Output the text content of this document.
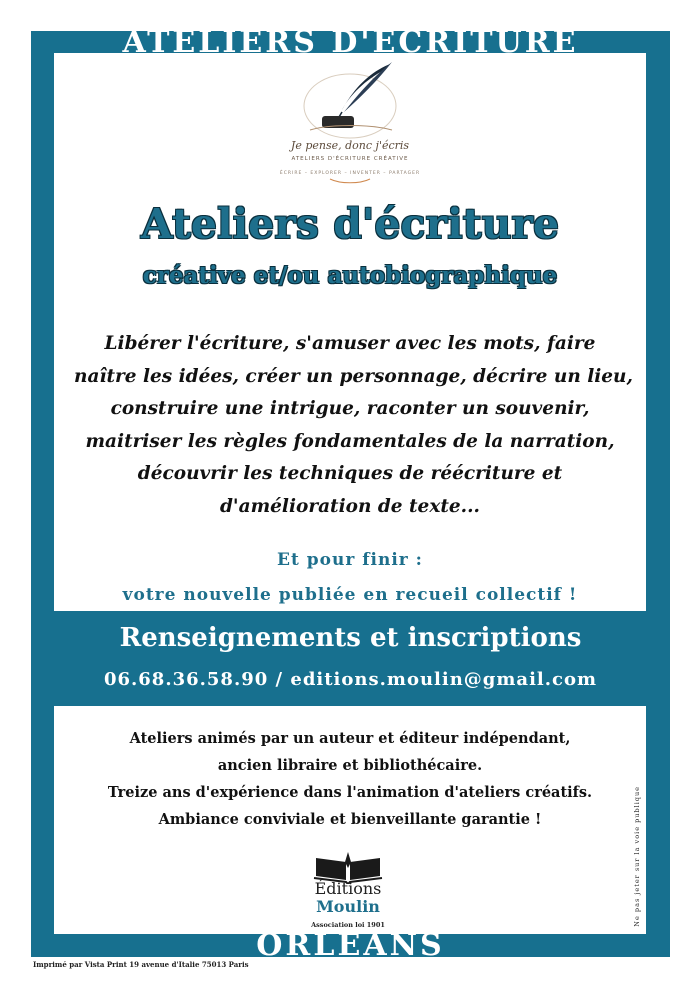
ATELIERS D'ÉCRITURE
Je pense, donc j'écris
ATELIERS D'ÉCRITURE CRÉATIVE
ÉCRIRE – EXPLORER – INVENTER – PARTAGER
Ateliers d'écriture
créative et/ou autobiographique
Libérer l'écriture, s'amuser avec les mots, faire
naître les idées, créer un personnage, décrire un lieu,
construire une intrigue, raconter un souvenir,
maitriser les règles fondamentales de la narration,
découvrir les techniques de réécriture et
d'amélioration de texte...
Et pour finir :
votre nouvelle publiée en recueil collectif !
Renseignements et inscriptions
06.68.36.58.90 / editions.moulin@gmail.com
Ateliers animés par un auteur et éditeur indépendant,
ancien libraire et bibliothécaire.
Treize ans d'expérience dans l'animation d'ateliers créatifs.
Ambiance conviviale et bienveillante garantie !	Ne pas jeter sur la voie publique
Éditions
Moulin
Association loi 1901
ORLEANS
Imprimé par Vista Print 19 avenue d'Italie 75013 Paris
